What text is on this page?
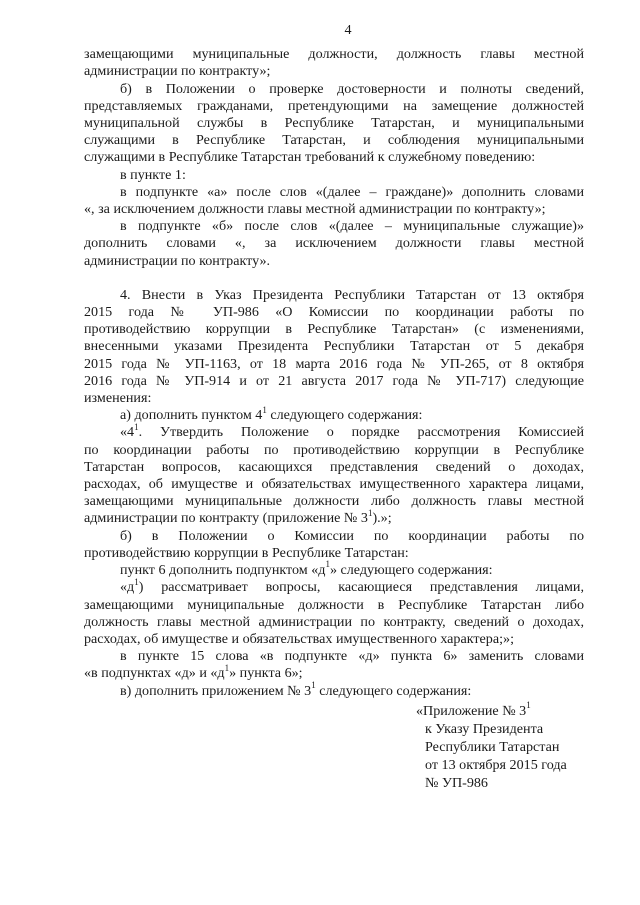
4

замещающими муниципальные должности, должность главы местной

администрации по контракту»;

б) в Положении о проверке достоверности и полноты сведений,

представляемых гражданами, претендующими на замещение должностей

муниципальной службы в Республике Татарстан, и муниципальными

служащими в Республике Татарстан, и соблюдения муниципальными

служащими в Республике Татарстан требований к служебному поведению:

в пункте 1:

в подпункте «а» после слов «(далее – граждане)» дополнить словами

«, за исключением должности главы местной администрации по контракту»;

в подпункте «б» после слов «(далее – муниципальные служащие)»

дополнить словами «, за исключением должности главы местной

администрации по контракту».

4. Внести в Указ Президента Республики Татарстан от 13 октября

2015 года № УП-986 «О Комиссии по координации работы по

противодействию коррупции в Республике Татарстан» (с изменениями,

внесенными указами Президента Республики Татарстан от 5 декабря

2015 года № УП-1163, от 18 марта 2016 года № УП-265, от 8 октября

2016 года № УП-914 и от 21 августа 2017 года № УП-717) следующие

изменения:

а) дополнить пунктом $4^1$ следующего содержания:

«$4^1$. Утвердить Положение о порядке рассмотрения Комиссией

по координации работы по противодействию коррупции в Республике

Татарстан вопросов, касающихся представления сведений о доходах,

расходах, об имуществе и обязательствах имущественного характера лицами,

замещающими муниципальные должности либо должность главы местной

администрации по контракту (приложение № $3^1$).»;

б) в Положении о Комиссии по координации работы по

противодействию коррупции в Республике Татарстан:

пункт 6 дополнить подпунктом «$д^1$» следующего содержания:

«$д^1$) рассматривает вопросы, касающиеся представления лицами,

замещающими муниципальные должности в Республике Татарстан либо

должность главы местной администрации по контракту, сведений о доходах,

расходах, об имуществе и обязательствах имущественного характера;»;

в пункте 15 слова «в подпункте «д» пункта 6» заменить словами

«в подпунктах «д» и «$д^1$» пункта 6»;

в) дополнить приложением № $3^1$ следующего содержания:

«Приложение № $3^1$

к Указу Президента

Республики Татарстан

от 13 октября 2015 года

№ УП-986
